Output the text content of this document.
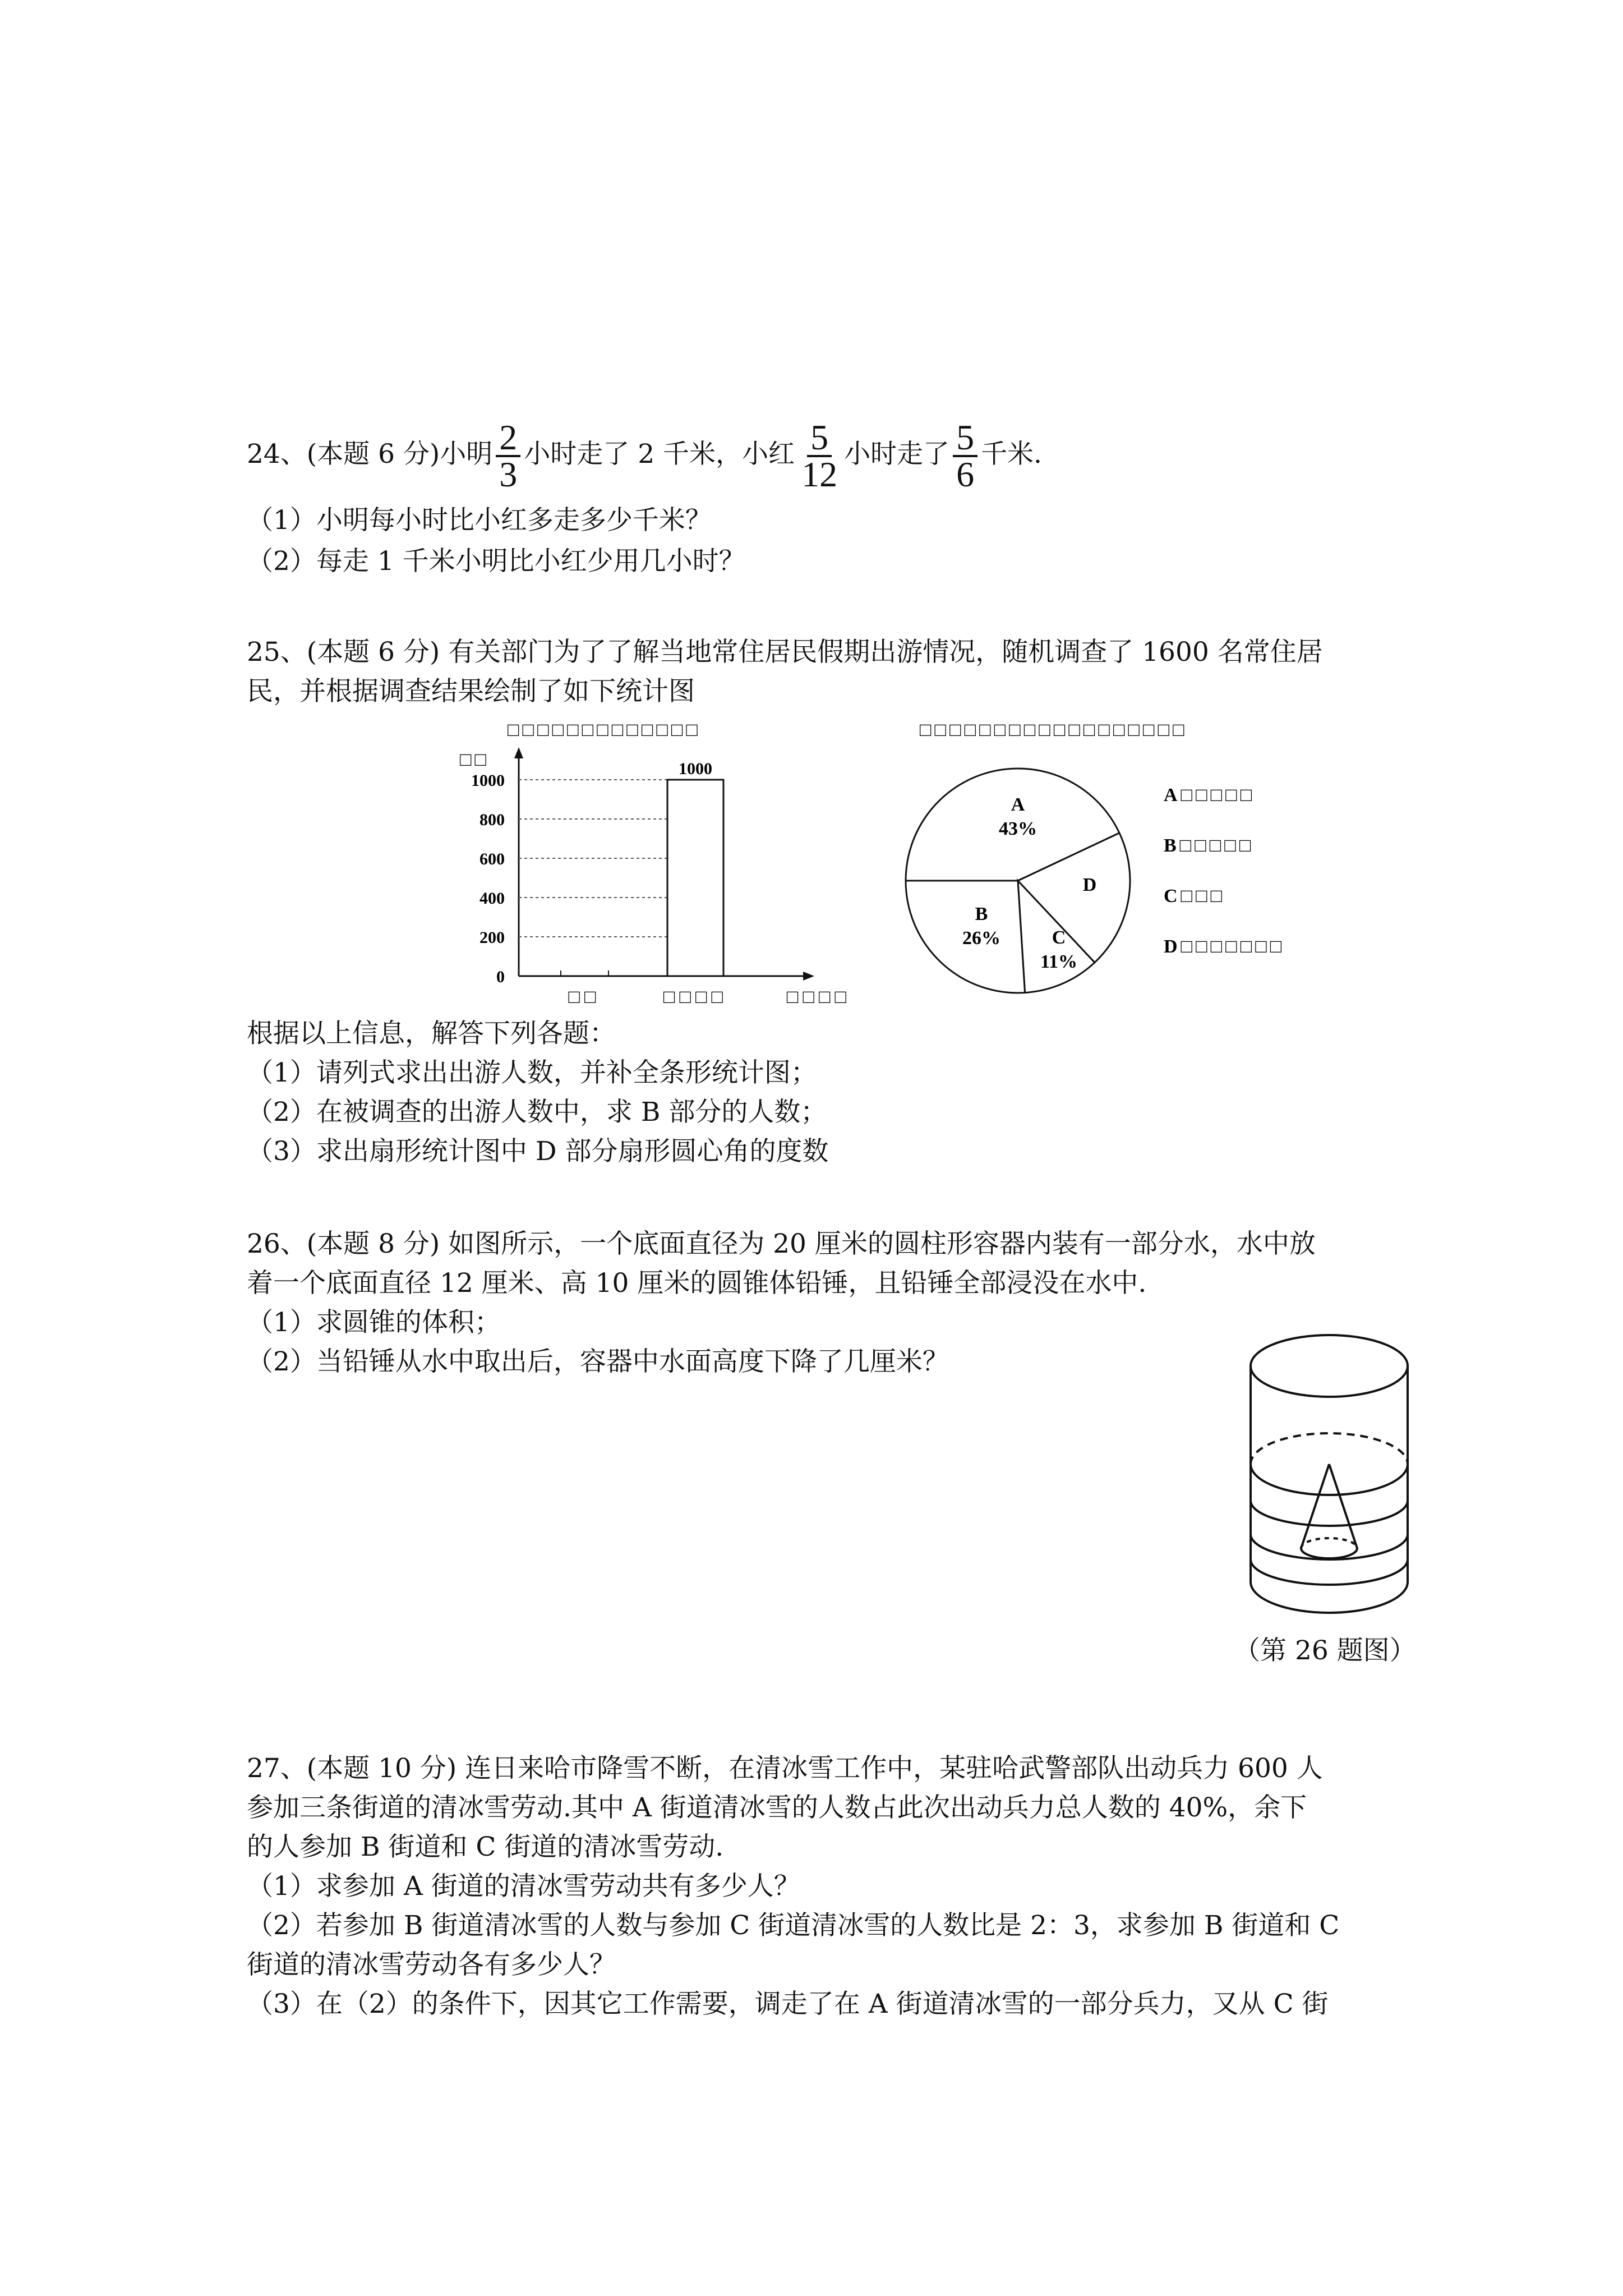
24、(本题 6 分)小明 $\frac{2}{3}$ 小时走了 2 千米，小红 $\frac{5}{12}$ 小时走了 $\frac{5}{6}$ 千米.
（1）小明每小时比小红多走多少千米？
（2）每走 1 千米小明比小红少用几小时？
25、(本题 6 分) 有关部门为了了解当地常住居民假期出游情况，随机调查了 1600 名常住居
民，并根据调查结果绘制了如下统计图
□□□□□□□□□□□□□
□□
0
200
400
600
800
1000
1000
□□	□□□□	□□□□
□□□□□□□□□□□□□□□□□□
A
43%
D
C
11%
B
26%
A□□□□□
B□□□□□
C□□□
D□□□□□□□
根据以上信息，解答下列各题：
（1）请列式求出出游人数，并补全条形统计图；
（2）在被调查的出游人数中，求 B 部分的人数；
（3）求出扇形统计图中 D 部分扇形圆心角的度数
26、(本题 8 分) 如图所示，一个底面直径为 20 厘米的圆柱形容器内装有一部分水，水中放
着一个底面直径 12 厘米、高 10 厘米的圆锥体铅锤，且铅锤全部浸没在水中.
（1）求圆锥的体积；
（2）当铅锤从水中取出后，容器中水面高度下降了几厘米？
（第 26 题图）
27、(本题 10 分) 连日来哈市降雪不断，在清冰雪工作中，某驻哈武警部队出动兵力 600 人
参加三条街道的清冰雪劳动.其中 A 街道清冰雪的人数占此次出动兵力总人数的 40%，余下
的人参加 B 街道和 C 街道的清冰雪劳动.
（1）求参加 A 街道的清冰雪劳动共有多少人？
（2）若参加 B 街道清冰雪的人数与参加 C 街道清冰雪的人数比是 2：3，求参加 B 街道和 C
街道的清冰雪劳动各有多少人？
（3）在（2）的条件下，因其它工作需要，调走了在 A 街道清冰雪的一部分兵力，又从 C 街
